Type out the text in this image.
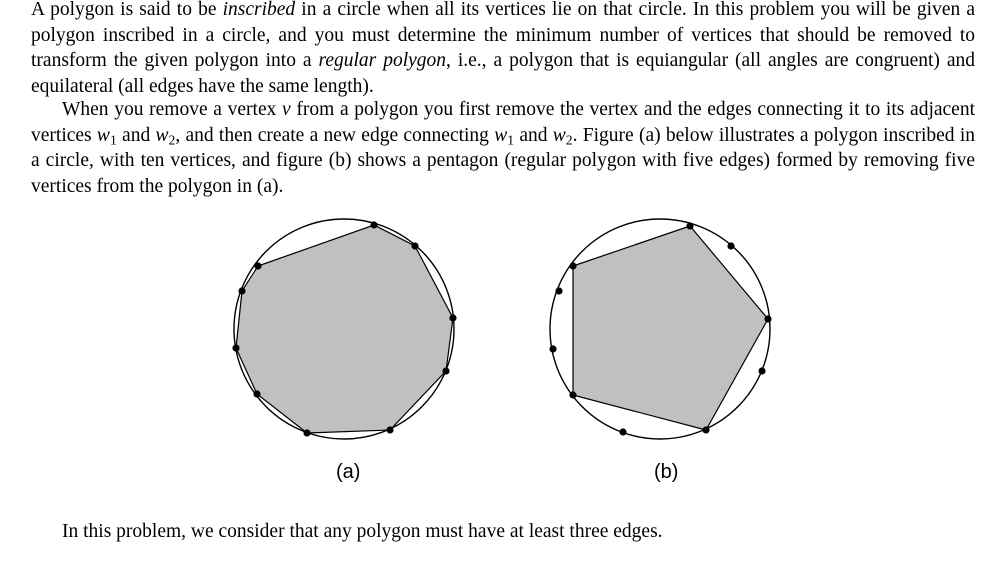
A polygon is said to be inscribed in a circle when all its vertices lie on that circle. In this problem you will be given a polygon inscribed in a circle, and you must determine the minimum number of vertices that should be removed to transform the given polygon into a regular polygon, i.e., a polygon that is equiangular (all angles are congruent) and equilateral (all edges have the same length).

When you remove a vertex v from a polygon you first remove the vertex and the edges connecting it to its adjacent vertices $w_1$ and $w_2$, and then create a new edge connecting $w_1$ and $w_2$. Figure (a) below illustrates a polygon inscribed in a circle, with ten vertices, and figure (b) shows a pentagon (regular polygon with five edges) formed by removing five vertices from the polygon in (a).

(a)	(b)

In this problem, we consider that any polygon must have at least three edges.
